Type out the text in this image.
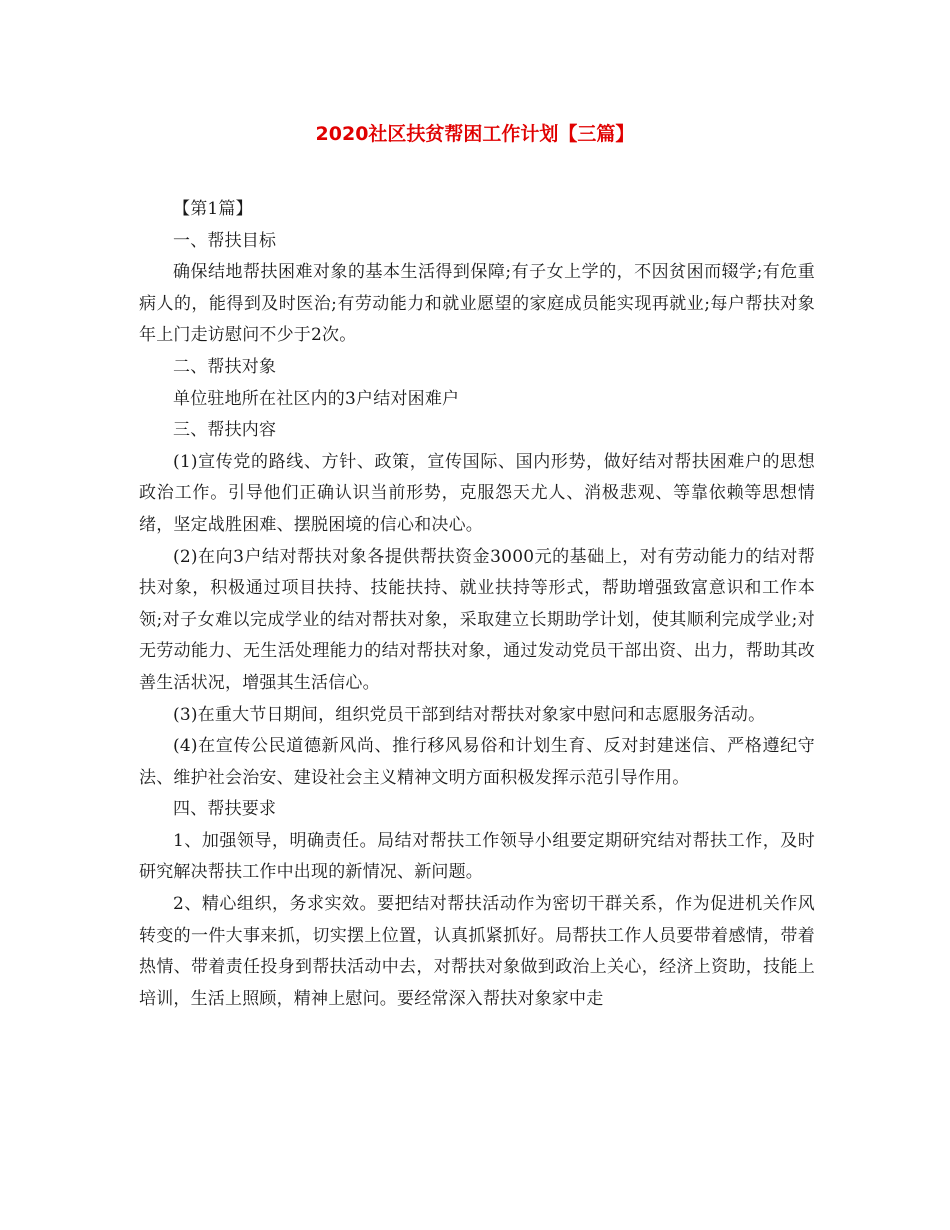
2020社区扶贫帮困工作计划【三篇】

【第1篇】

一、帮扶目标

确保结地帮扶困难对象的基本生活得到保障;有子女上学的，不因贫困而辍学;有危重病人的，能得到及时医治;有劳动能力和就业愿望的家庭成员能实现再就业;每户帮扶对象年上门走访慰问不少于2次。

二、帮扶对象

单位驻地所在社区内的3户结对困难户

三、帮扶内容

(1)宣传党的路线、方针、政策，宣传国际、国内形势，做好结对帮扶困难户的思想政治工作。引导他们正确认识当前形势，克服怨天尤人、消极悲观、等靠依赖等思想情绪，坚定战胜困难、摆脱困境的信心和决心。

(2)在向3户结对帮扶对象各提供帮扶资金3000元的基础上，对有劳动能力的结对帮扶对象，积极通过项目扶持、技能扶持、就业扶持等形式，帮助增强致富意识和工作本领;对子女难以完成学业的结对帮扶对象，采取建立长期助学计划，使其顺利完成学业;对无劳动能力、无生活处理能力的结对帮扶对象，通过发动党员干部出资、出力，帮助其改善生活状况，增强其生活信心。

(3)在重大节日期间，组织党员干部到结对帮扶对象家中慰问和志愿服务活动。

(4)在宣传公民道德新风尚、推行移风易俗和计划生育、反对封建迷信、严格遵纪守法、维护社会治安、建设社会主义精神文明方面积极发挥示范引导作用。

四、帮扶要求

1、加强领导，明确责任。局结对帮扶工作领导小组要定期研究结对帮扶工作，及时研究解决帮扶工作中出现的新情况、新问题。

2、精心组织，务求实效。要把结对帮扶活动作为密切干群关系，作为促进机关作风转变的一件大事来抓，切实摆上位置，认真抓紧抓好。局帮扶工作人员要带着感情，带着热情、带着责任投身到帮扶活动中去，对帮扶对象做到政治上关心，经济上资助，技能上培训，生活上照顾，精神上慰问。要经常深入帮扶对象家中走
